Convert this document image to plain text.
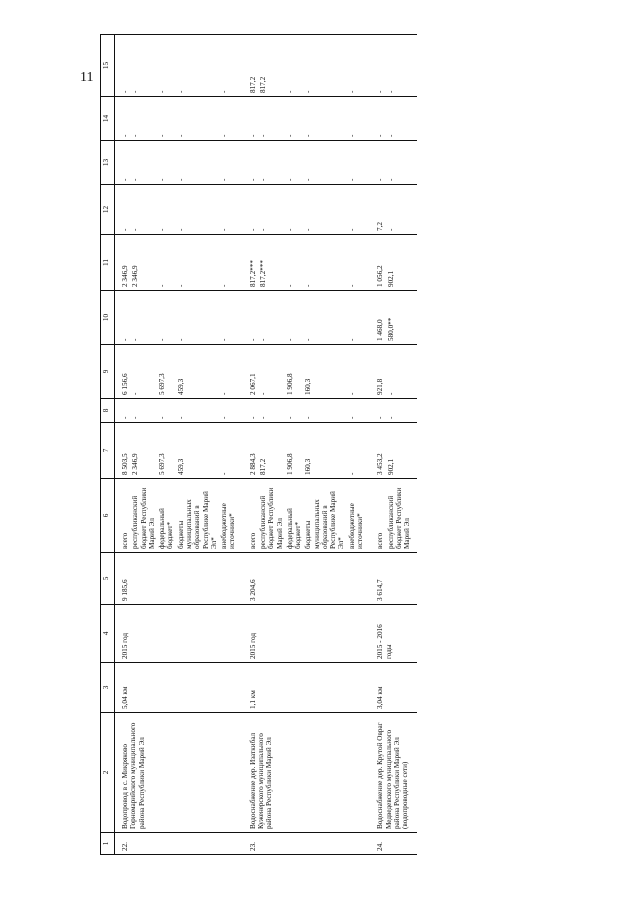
11
1	2	3	4	5	6	7	8	9	10	11	12	13	14	15
22.	Водопровод в с. Микряково Горномарийского муниципального района Республики Марий Эл	5,04 км	2015 год	9 185,6	всего	8 503,5	-	6 156,6	-	2 346,9	-	-	-	-
					республиканский бюджет Республики Марий Эл	2 346,9	-	-	-	2 346,9	-	-	-	-
					федеральный бюджет*	5 697,3	-	5 697,3	-	-	-	-	-	-
					бюджеты муниципальных образований в Республике Марий Эл*	459,3	-	459,3	-	-	-	-	-	-
					внебюджетные источники*	-	-	-	-	-	-	-	-	-
23.	Водоснабжение дер. Изаткибал Куженерского муниципального района Республики Марий Эл	1,1 км	2015 год	3 204,6	всего	2 884,3	-	2 067,1	-	817,2***	-	-	-	817,2
					республиканский бюджет Республики Марий Эл	817,2	-	-	-	817,2***	-	-	-	817,2
					федеральный бюджет*	1 906,8	-	1 906,8	-	-	-	-	-	-
					бюджеты муниципальных образований в Республике Марий Эл*	160,3	-	160,3	-	-	-	-	-	-
					внебюджетные источники*	-	-	-	-	-	-	-	-	-
24.	Водоснабжение дер. Крутой Овраг Медведевского муниципального района Республики Марий Эл (водопроводные сети)	3,04 км	2015 - 2016 годы	3 614,7	всего	3 453,2	-	921,8	1 468,0	1 056,2	7,2	-	-	-
					республиканский бюджет Республики Марий Эл	902,1	-	-	580,0**	902,1	-	-	-	-
